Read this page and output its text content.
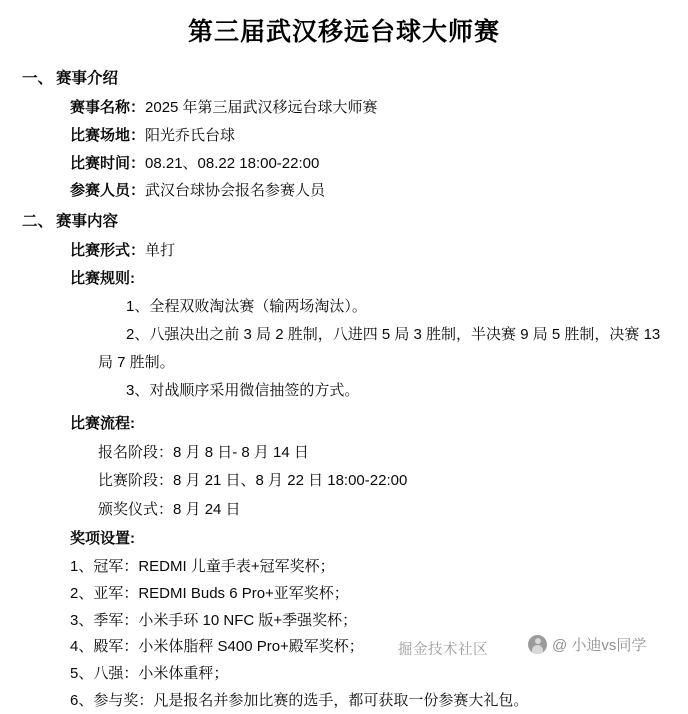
第三届武汉移远台球大师赛
一、 赛事介绍
赛事名称：2025 年第三届武汉移远台球大师赛
比赛场地：阳光乔氏台球
比赛时间：08.21、08.22 18:00-22:00
参赛人员：武汉台球协会报名参赛人员
二、 赛事内容
比赛形式：单打
比赛规则:
1、全程双败淘汰赛（输两场淘汰）。
2、八强决出之前 3 局 2 胜制，八进四 5 局 3 胜制，半决赛 9 局 5 胜制，决赛 13 局 7 胜制。
3、对战顺序采用微信抽签的方式。
比赛流程:
报名阶段：8 月 8 日- 8 月 14 日
比赛阶段：8 月 21 日、8 月 22 日 18:00-22:00
颁奖仪式：8 月 24 日
奖项设置:
1、冠军：REDMI 儿童手表+冠军奖杯；
2、亚军：REDMI Buds 6 Pro+亚军奖杯；
3、季军：小米手环 10 NFC 版+季强奖杯；
4、殿军：小米体脂秤 S400 Pro+殿军奖杯；
5、八强：小米体重秤；
6、参与奖：凡是报名并参加比赛的选手，都可获取一份参赛大礼包。
掘金技术社区	@ 小迪vs同学
